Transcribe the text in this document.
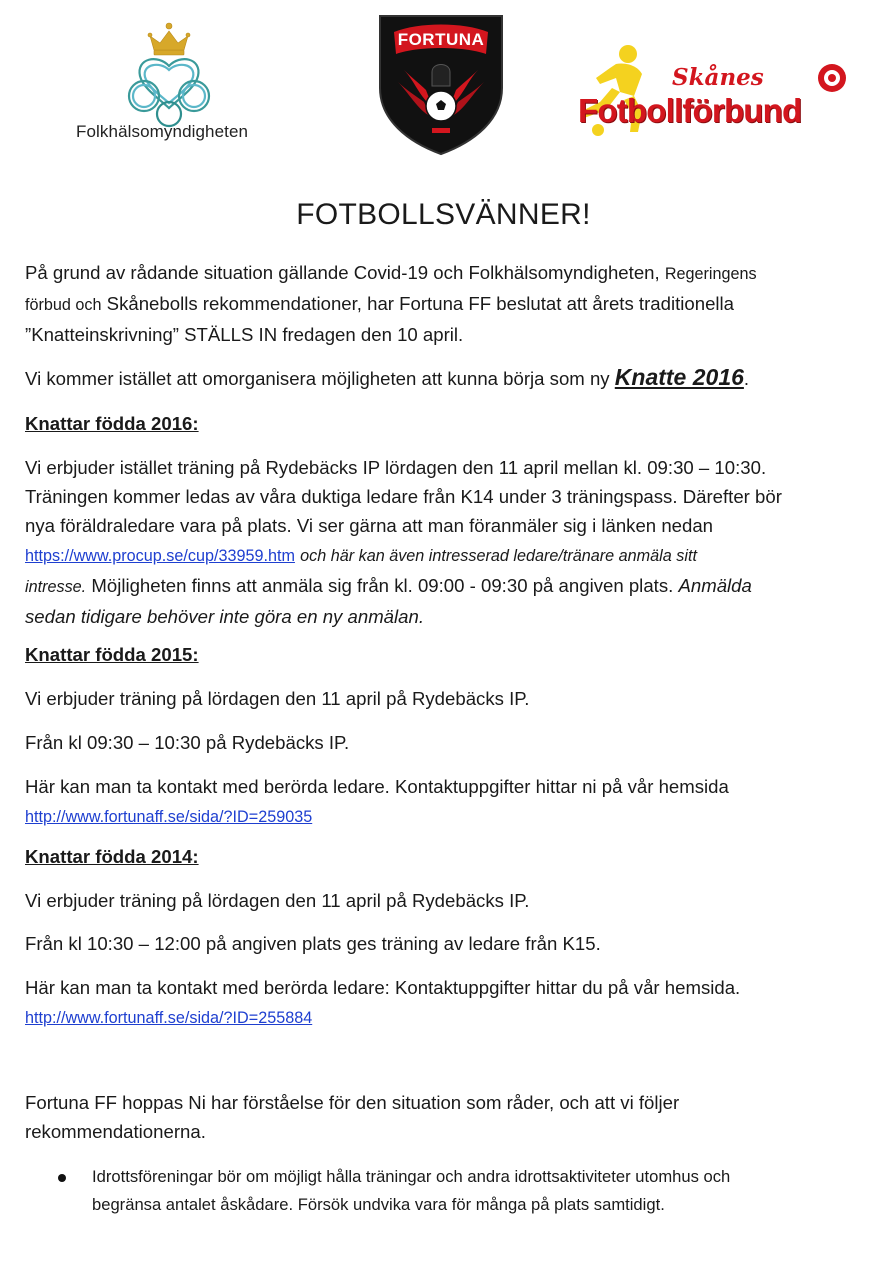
Folkhälsomyndigheten
FORTUNA
Skånes
Fotbollförbund
FOTBOLLSVÄNNER!

På grund av rådande situation gällande Covid-19 och Folkhälsomyndigheten, Regeringens
förbud och Skånebolls rekommendationer, har Fortuna FF beslutat att årets traditionella
”Knatteinskrivning” STÄLLS IN fredagen den 10 april.

Vi kommer istället att omorganisera möjligheten att kunna börja som ny Knatte 2016.

Knattar födda 2016:

Vi erbjuder istället träning på Rydebäcks IP lördagen den 11 april mellan kl. 09:30 – 10:30.
Träningen kommer ledas av våra duktiga ledare från K14 under 3 träningspass. Därefter bör
nya föräldraledare vara på plats. Vi ser gärna att man föranmäler sig i länken nedan
https://www.procup.se/cup/33959.htm och här kan även intresserad ledare/tränare anmäla sitt
intresse. Möjligheten finns att anmäla sig från kl. 09:00 - 09:30 på angiven plats. Anmälda
sedan tidigare behöver inte göra en ny anmälan.

Knattar födda 2015:

Vi erbjuder träning på lördagen den 11 april på Rydebäcks IP.

Från kl 09:30 – 10:30 på Rydebäcks IP.

Här kan man ta kontakt med berörda ledare. Kontaktuppgifter hittar ni på vår hemsida
http://www.fortunaff.se/sida/?ID=259035

Knattar födda 2014:

Vi erbjuder träning på lördagen den 11 april på Rydebäcks IP.

Från kl 10:30 – 12:00 på angiven plats ges träning av ledare från K15.

Här kan man ta kontakt med berörda ledare: Kontaktuppgifter hittar du på vår hemsida.
http://www.fortunaff.se/sida/?ID=255884

Fortuna FF hoppas Ni har förståelse för den situation som råder, och att vi följer
rekommendationerna.

Idrottsföreningar bör om möjligt hålla träningar och andra idrottsaktiviteter utomhus och
begränsa antalet åskådare. Försök undvika vara för många på plats samtidigt.
